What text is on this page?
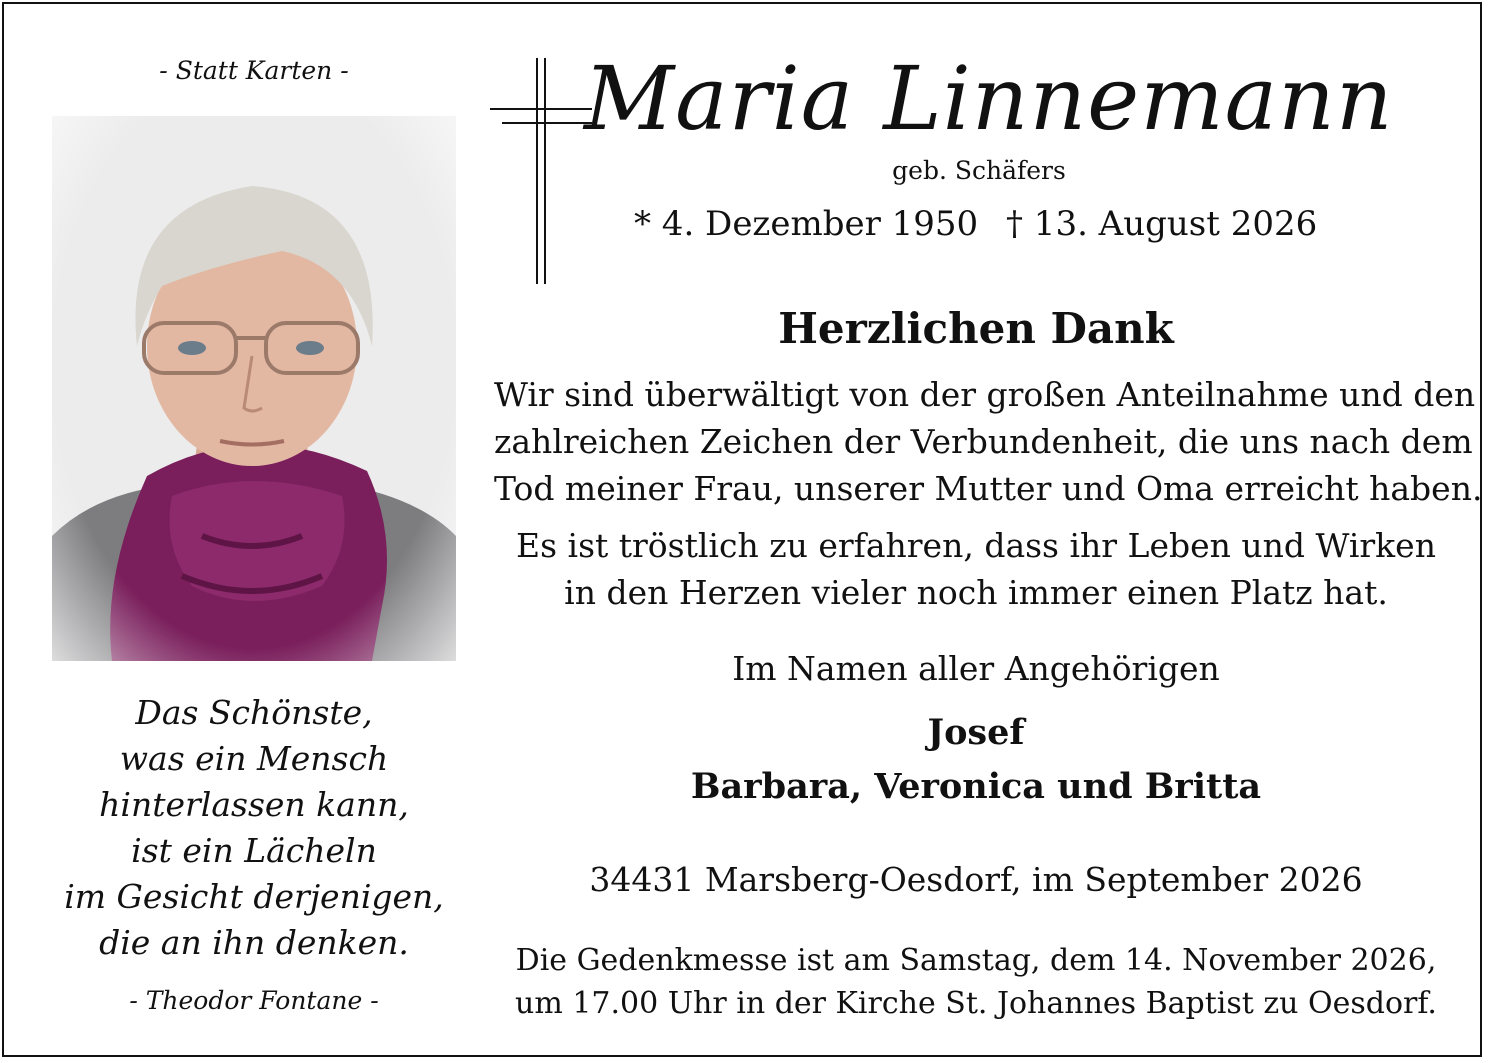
- Statt Karten -
Das Schönste,
was ein Mensch
hinterlassen kann,
ist ein Lächeln
im Gesicht derjenigen,
die an ihn denken.
- Theodor Fontane -
Maria Linnemann
geb. Schäfers
* 4. Dezember 1950 † 13. August 2026
Herzlichen Dank
Wir sind überwältigt von der großen Anteilnahme und den
zahlreichen Zeichen der Verbundenheit, die uns nach dem
Tod meiner Frau, unserer Mutter und Oma erreicht haben.
Es ist tröstlich zu erfahren, dass ihr Leben und Wirken
in den Herzen vieler noch immer einen Platz hat.
Im Namen aller Angehörigen
Josef
Barbara, Veronica und Britta
34431 Marsberg-Oesdorf, im September 2026
Die Gedenkmesse ist am Samstag, dem 14. November 2026,
um 17.00 Uhr in der Kirche St. Johannes Baptist zu Oesdorf.
